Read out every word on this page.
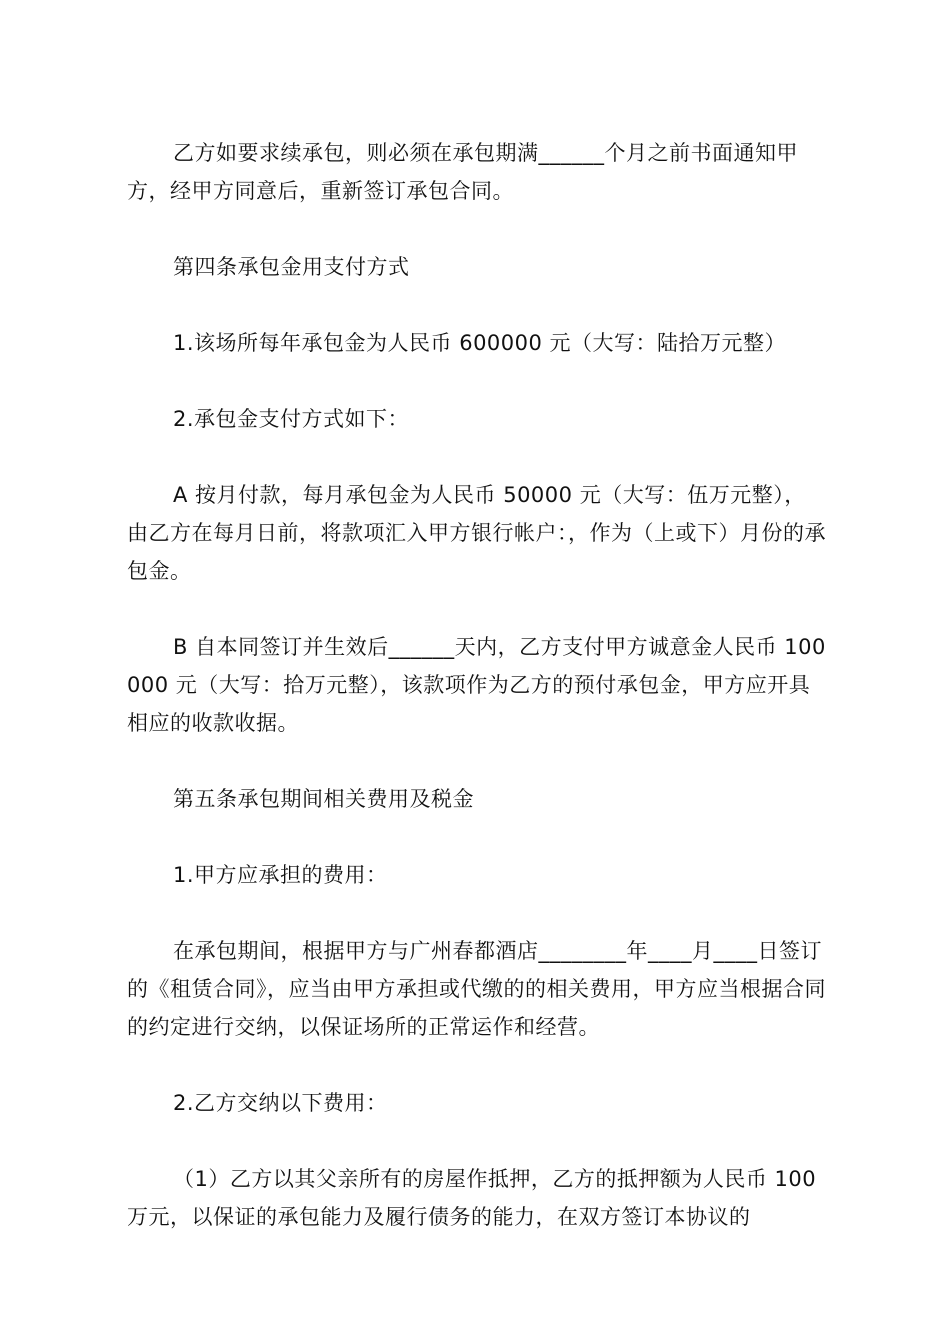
乙方如要求续承包，则必须在承包期满______个月之前书面通知甲方，经甲方同意后，重新签订承包合同。

第四条承包金用支付方式

1.该场所每年承包金为人民币 600000 元（大写：陆拾万元整）

2.承包金支付方式如下：

A 按月付款，每月承包金为人民币 50000 元（大写：伍万元整），由乙方在每月日前，将款项汇入甲方银行帐户：，作为（上或下）月份的承包金。

B 自本同签订并生效后______天内，乙方支付甲方诚意金人民币 100000 元（大写：拾万元整），该款项作为乙方的预付承包金，甲方应开具相应的收款收据。

第五条承包期间相关费用及税金

1.甲方应承担的费用：

在承包期间，根据甲方与广州春都酒店________年____月____日签订的《租赁合同》，应当由甲方承担或代缴的的相关费用，甲方应当根据合同的约定进行交纳，以保证场所的正常运作和经营。

2.乙方交纳以下费用：

（1）乙方以其父亲所有的房屋作抵押，乙方的抵押额为人民币 100 万元，以保证的承包能力及履行债务的能力，在双方签订本协议的
